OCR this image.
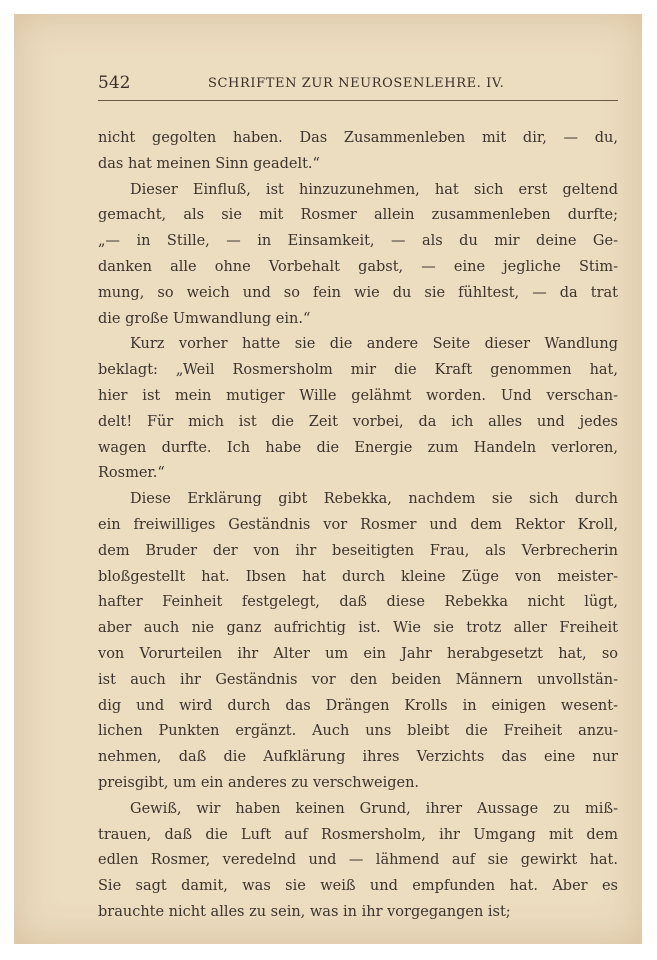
542	SCHRIFTEN ZUR NEUROSENLEHRE. IV.
nicht gegolten haben. Das Zusammenleben mit dir, — du,
das hat meinen Sinn geadelt.“
Dieser Einfluß, ist hinzuzunehmen, hat sich erst geltend
gemacht, als sie mit Rosmer allein zusammenleben durfte;
„— in Stille, — in Einsamkeit, — als du mir deine Ge-
danken alle ohne Vorbehalt gabst, — eine jegliche Stim-
mung, so weich und so fein wie du sie fühltest, — da trat
die große Umwandlung ein.“
Kurz vorher hatte sie die andere Seite dieser Wandlung
beklagt: „Weil Rosmersholm mir die Kraft genommen hat,
hier ist mein mutiger Wille gelähmt worden. Und verschan-
delt! Für mich ist die Zeit vorbei, da ich alles und jedes
wagen durfte. Ich habe die Energie zum Handeln verloren,
Rosmer.“
Diese Erklärung gibt Rebekka, nachdem sie sich durch
ein freiwilliges Geständnis vor Rosmer und dem Rektor Kroll,
dem Bruder der von ihr beseitigten Frau, als Verbrecherin
bloßgestellt hat. Ibsen hat durch kleine Züge von meister-
hafter Feinheit festgelegt, daß diese Rebekka nicht lügt,
aber auch nie ganz aufrichtig ist. Wie sie trotz aller Freiheit
von Vorurteilen ihr Alter um ein Jahr herabgesetzt hat, so
ist auch ihr Geständnis vor den beiden Männern unvollstän-
dig und wird durch das Drängen Krolls in einigen wesent-
lichen Punkten ergänzt. Auch uns bleibt die Freiheit anzu-
nehmen, daß die Aufklärung ihres Verzichts das eine nur
preisgibt, um ein anderes zu verschweigen.
Gewiß, wir haben keinen Grund, ihrer Aussage zu miß-
trauen, daß die Luft auf Rosmersholm, ihr Umgang mit dem
edlen Rosmer, veredelnd und — lähmend auf sie gewirkt hat.
Sie sagt damit, was sie weiß und empfunden hat. Aber es
brauchte nicht alles zu sein, was in ihr vorgegangen ist;
